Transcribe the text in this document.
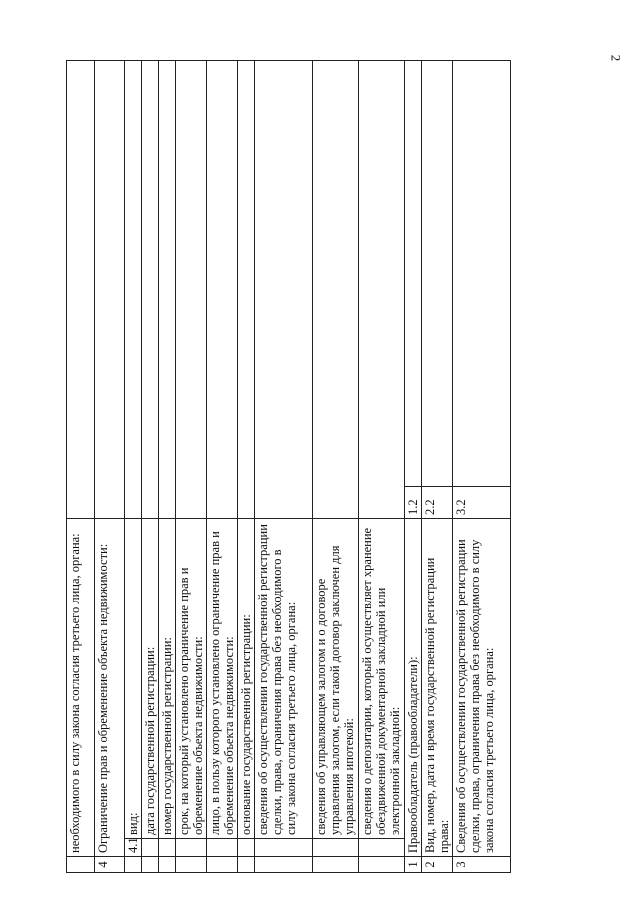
2
	необходимого в силу закона согласия третьего лица, органа:			
4	Ограничение прав и обременение объекта недвижимости:			
	4.1	вид:		
		дата государственной регистрации:		
		номер государственной регистрации:		
		срок, на который установлено ограничение прав и обременение объекта недвижимости:		
		лицо, в пользу которого установлено ограничение прав и обременение объекта недвижимости:		
		основание государственной регистрации:		
		сведения об осуществлении государственной регистрации сделки, права, ограничения права без необходимого в силу закона согласия третьего лица, органа:		
		сведения об управляющем залогом и о договоре управления залогом, если такой договор заключен для управления ипотекой:		
		сведения о депозитарии, который осуществляет хранение обездвиженной документарной закладной или электронной закладной:		
1	Правообладатель (правообладатели):		1.2	
2	Вид, номер, дата и время государственной регистрации права:		2.2	
3	Сведения об осуществлении государственной регистрации сделки, права, ограничения права без необходимого в силу закона согласия третьего лица, органа:		3.2	
